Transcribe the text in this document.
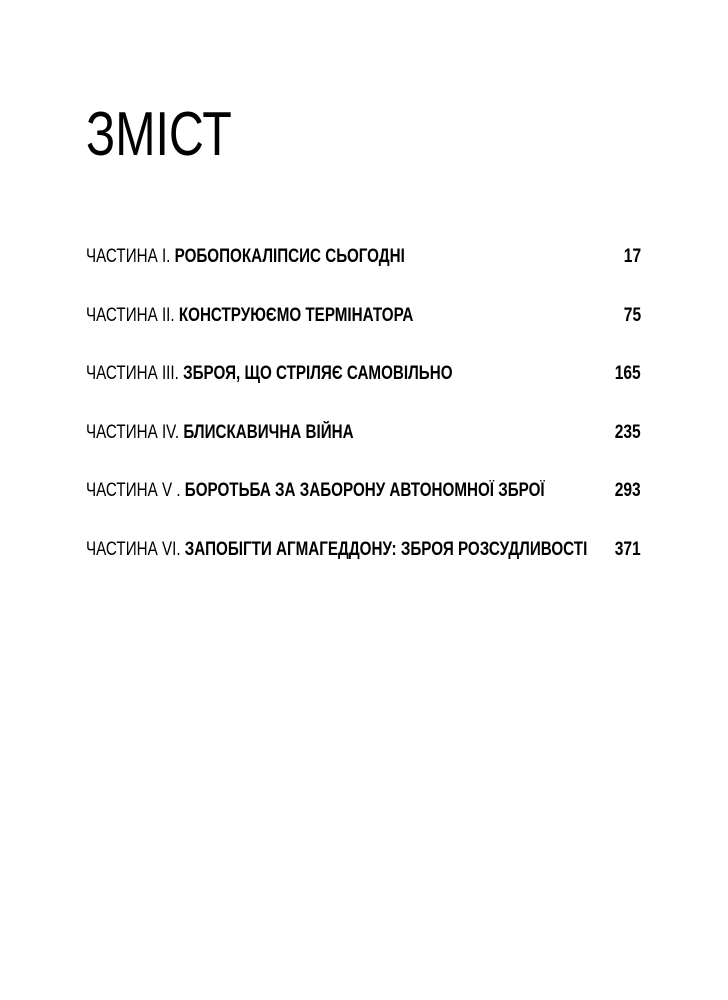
ЗМІСТ
ЧАСТИНА I. РОБОПОКАЛІПСИС СЬОГОДНІ	17
ЧАСТИНА II. КОНСТРУЮЄМО ТЕРМІНАТОРА	75
ЧАСТИНА III. ЗБРОЯ, ЩО СТРІЛЯЄ САМОВІЛЬНО	165
ЧАСТИНА IV. БЛИСКАВИЧНА ВІЙНА	235
ЧАСТИНА V . БОРОТЬБА ЗА ЗАБОРОНУ АВТОНОМНОЇ ЗБРОЇ	293
ЧАСТИНА VI. ЗАПОБІГТИ АГМАГЕДДОНУ: ЗБРОЯ РОЗСУДЛИВОСТІ 371
